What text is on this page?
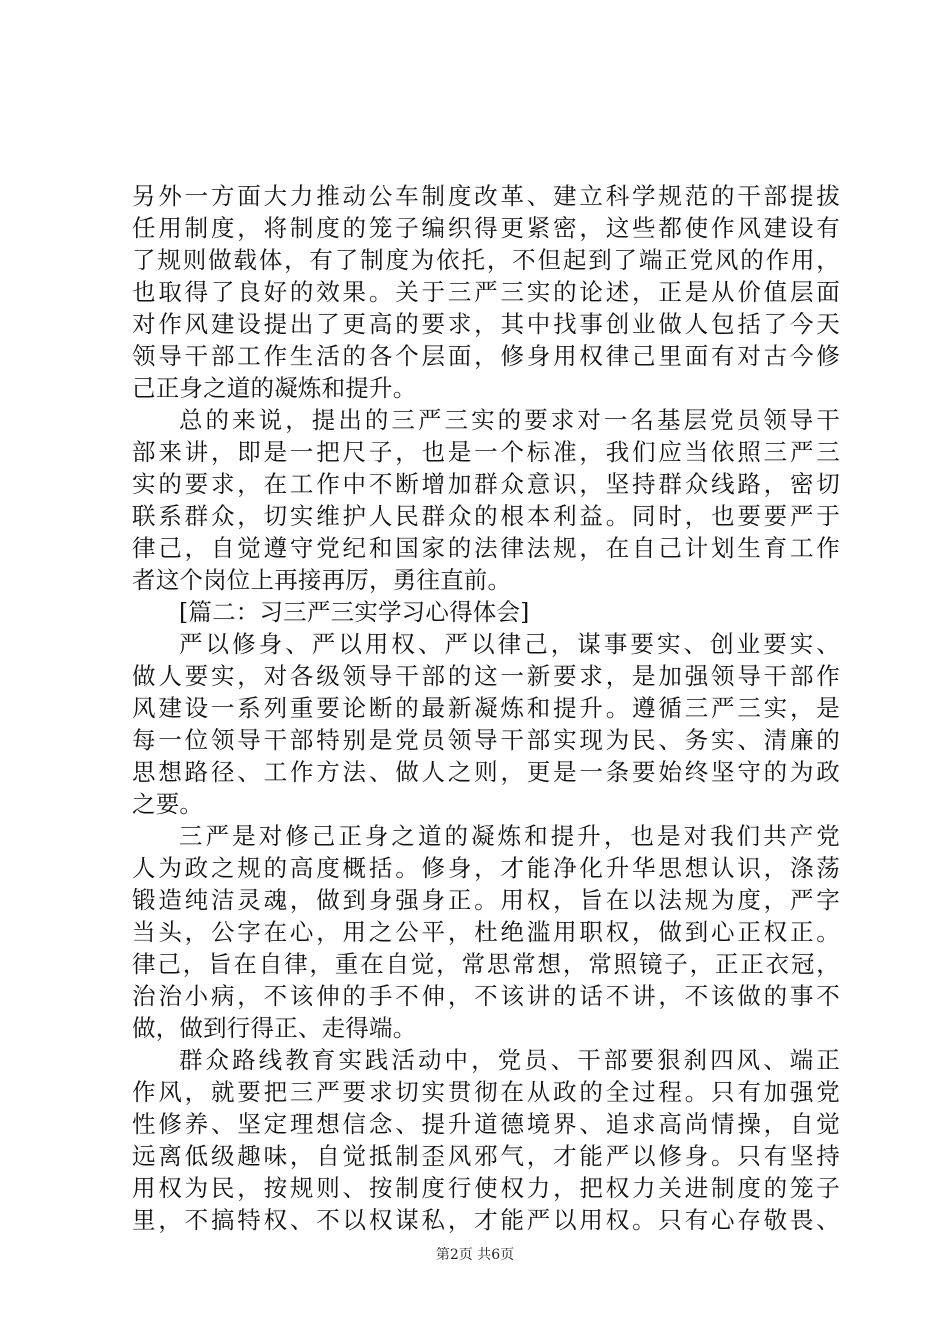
另外一方面大力推动公车制度改革、建立科学规范的干部提拔
任用制度，将制度的笼子编织得更紧密，这些都使作风建设有
了规则做载体，有了制度为依托，不但起到了端正党风的作用，
也取得了良好的效果。关于三严三实的论述，正是从价值层面
对作风建设提出了更高的要求，其中找事创业做人包括了今天
领导干部工作生活的各个层面，修身用权律己里面有对古今修
己正身之道的凝炼和提升。
总的来说，提出的三严三实的要求对一名基层党员领导干
部来讲，即是一把尺子，也是一个标准，我们应当依照三严三
实的要求，在工作中不断增加群众意识，坚持群众线路，密切
联系群众，切实维护人民群众的根本利益。同时，也要要严于
律己，自觉遵守党纪和国家的法律法规，在自己计划生育工作
者这个岗位上再接再厉，勇往直前。
[篇二：习三严三实学习心得体会]
严以修身、严以用权、严以律己，谋事要实、创业要实、
做人要实，对各级领导干部的这一新要求，是加强领导干部作
风建设一系列重要论断的最新凝炼和提升。遵循三严三实，是
每一位领导干部特别是党员领导干部实现为民、务实、清廉的
思想路径、工作方法、做人之则，更是一条要始终坚守的为政
之要。
三严是对修己正身之道的凝炼和提升，也是对我们共产党
人为政之规的高度概括。修身，才能净化升华思想认识，涤荡
锻造纯洁灵魂，做到身强身正。用权，旨在以法规为度，严字
当头，公字在心，用之公平，杜绝滥用职权，做到心正权正。
律己，旨在自律，重在自觉，常思常想，常照镜子，正正衣冠，
治治小病，不该伸的手不伸，不该讲的话不讲，不该做的事不
做，做到行得正、走得端。
群众路线教育实践活动中，党员、干部要狠刹四风、端正
作风，就要把三严要求切实贯彻在从政的全过程。只有加强党
性修养、坚定理想信念、提升道德境界、追求高尚情操，自觉
远离低级趣味，自觉抵制歪风邪气，才能严以修身。只有坚持
用权为民，按规则、按制度行使权力，把权力关进制度的笼子
里，不搞特权、不以权谋私，才能严以用权。只有心存敬畏、
第2页 共6页
